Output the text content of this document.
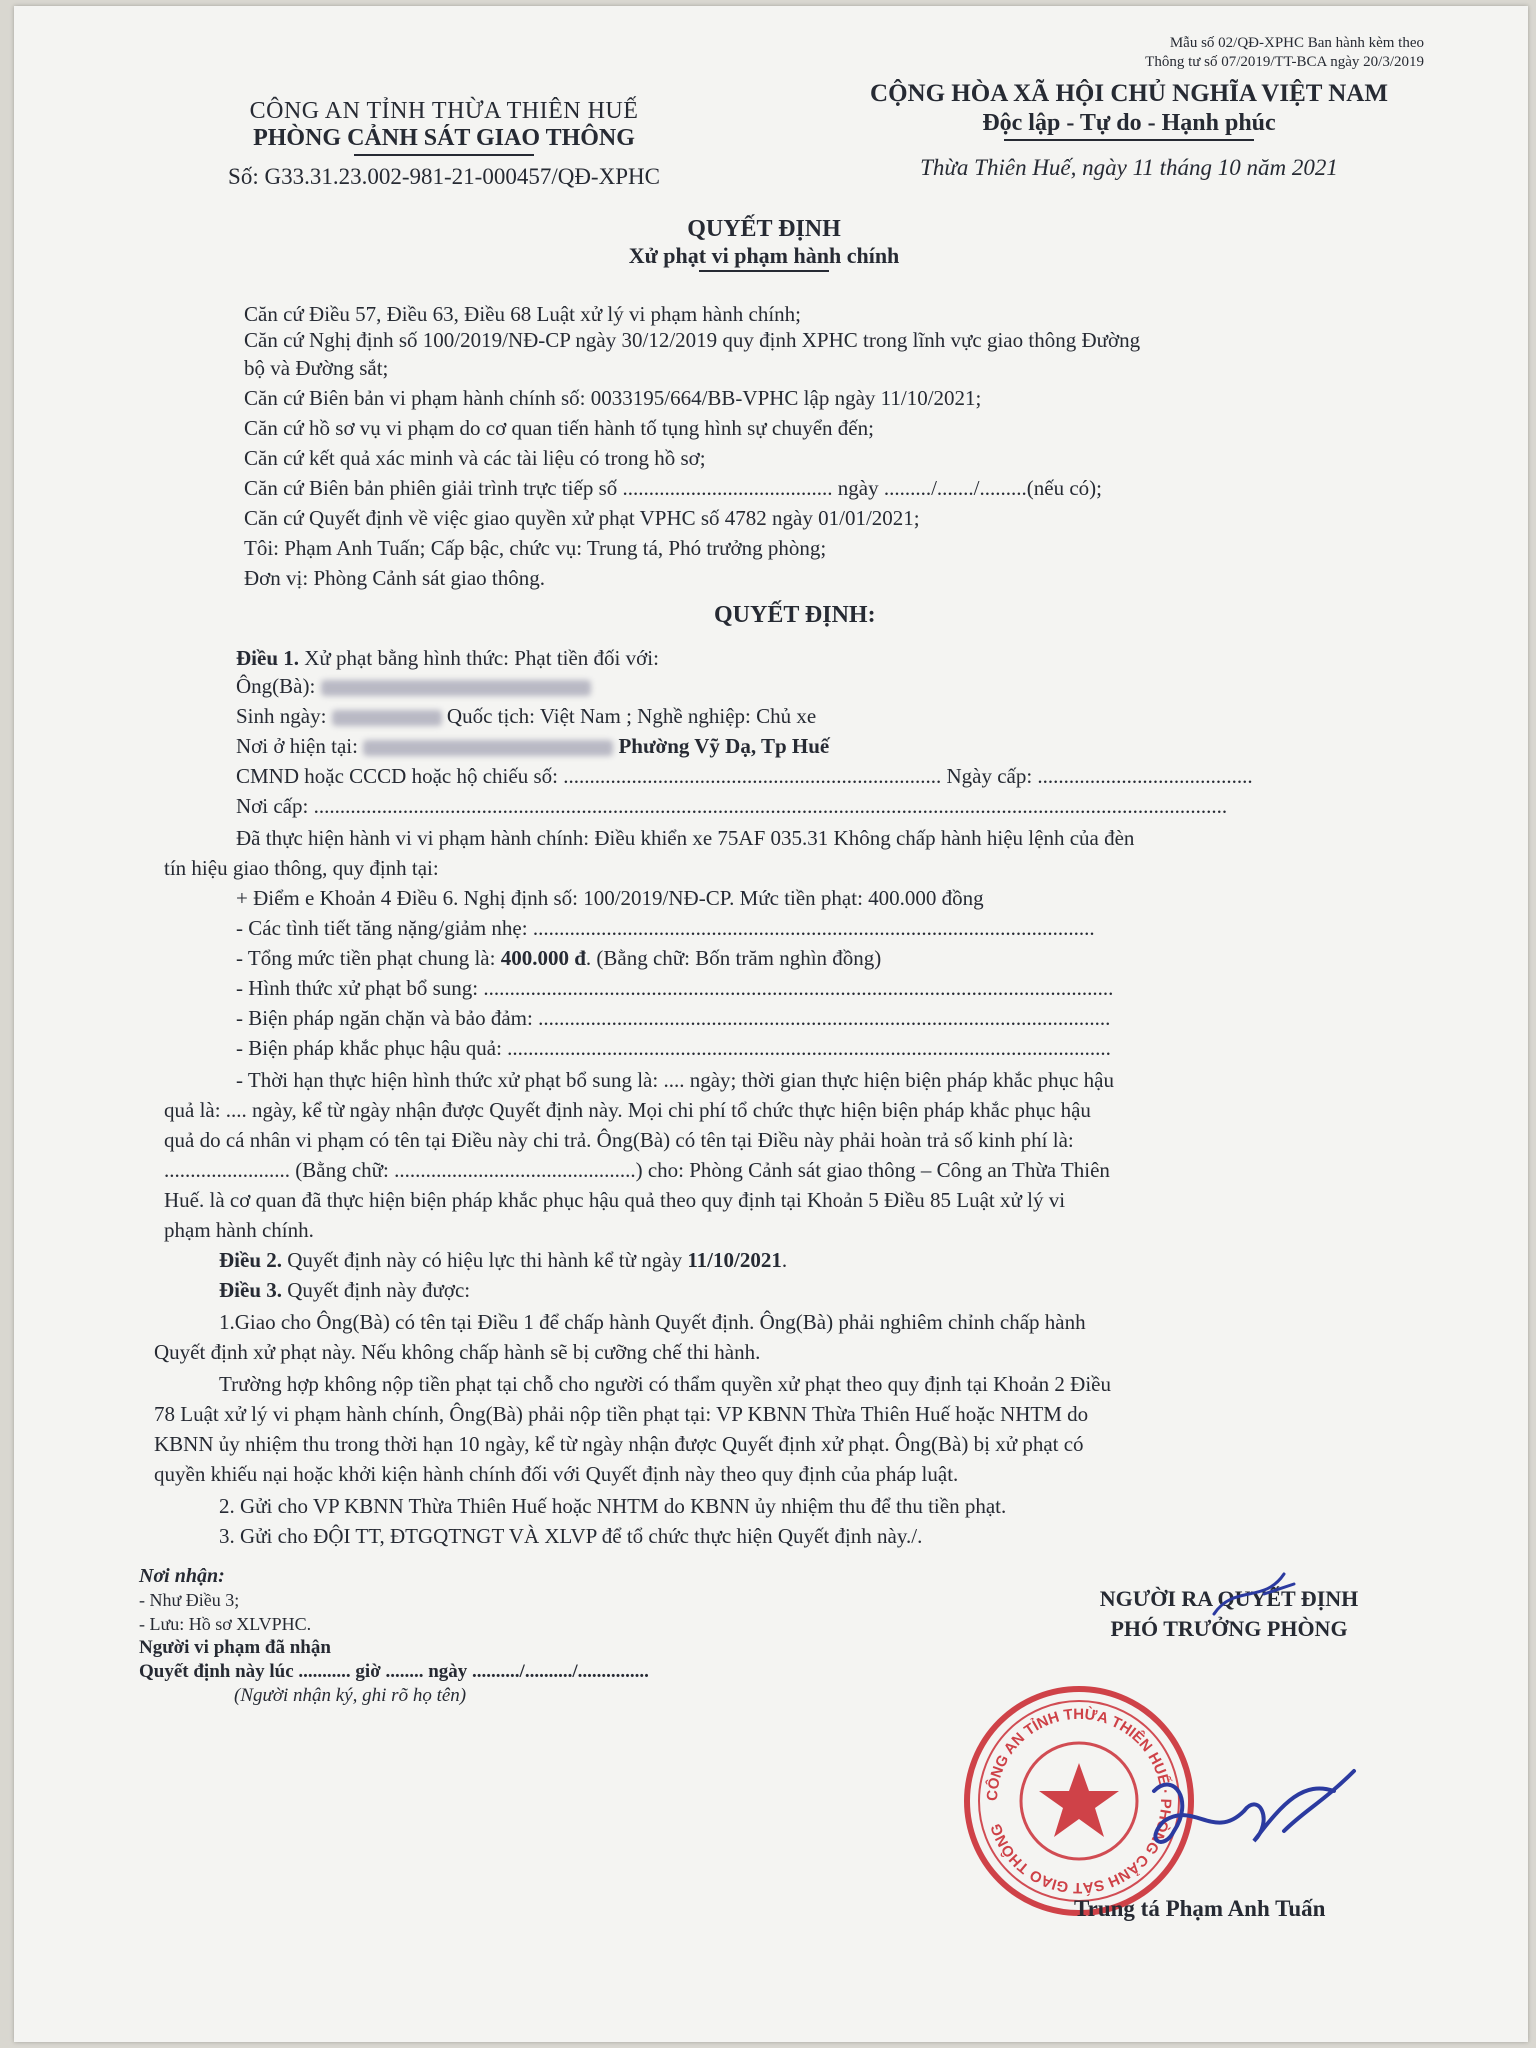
Mẫu số 02/QĐ-XPHC Ban hành kèm theo
Thông tư số 07/2019/TT-BCA ngày 20/3/2019
CÔNG AN TỈNH THỪA THIÊN HUẾ
PHÒNG CẢNH SÁT GIAO THÔNG
Số: G33.31.23.002-981-21-000457/QĐ-XPHC
CỘNG HÒA XÃ HỘI CHỦ NGHĨA VIỆT NAM
Độc lập - Tự do - Hạnh phúc
Thừa Thiên Huế, ngày 11 tháng 10 năm 2021
QUYẾT ĐỊNH
Xử phạt vi phạm hành chính
Căn cứ Điều 57, Điều 63, Điều 68 Luật xử lý vi phạm hành chính;
Căn cứ Nghị định số 100/2019/NĐ-CP ngày 30/12/2019 quy định XPHC trong lĩnh vực giao thông Đường
bộ và Đường sắt;
Căn cứ Biên bản vi phạm hành chính số: 0033195/664/BB-VPHC lập ngày 11/10/2021;
Căn cứ hồ sơ vụ vi phạm do cơ quan tiến hành tố tụng hình sự chuyển đến;
Căn cứ kết quả xác minh và các tài liệu có trong hồ sơ;
Căn cứ Biên bản phiên giải trình trực tiếp số ........................................ ngày ........./......./.........(nếu có);
Căn cứ Quyết định về việc giao quyền xử phạt VPHC số 4782 ngày 01/01/2021;
Tôi: Phạm Anh Tuấn; Cấp bậc, chức vụ: Trung tá, Phó trưởng phòng;
Đơn vị: Phòng Cảnh sát giao thông.
QUYẾT ĐỊNH:
Điều 1. Xử phạt bằng hình thức: Phạt tiền đối với:
Ông(Bà):
Sinh ngày:	Quốc tịch: Việt Nam ; Nghề nghiệp: Chủ xe
Nơi ở hiện tại:	Phường Vỹ Dạ, Tp Huế
CMND hoặc CCCD hoặc hộ chiếu số: ........................................................................ Ngày cấp: .........................................
Nơi cấp: ..............................................................................................................................................................................
Đã thực hiện hành vi vi phạm hành chính: Điều khiển xe 75AF 035.31 Không chấp hành hiệu lệnh của đèn
tín hiệu giao thông, quy định tại:
+ Điểm e Khoản 4 Điều 6. Nghị định số: 100/2019/NĐ-CP. Mức tiền phạt: 400.000 đồng
- Các tình tiết tăng nặng/giảm nhẹ: ...........................................................................................................
- Tổng mức tiền phạt chung là: 400.000 đ. (Bằng chữ: Bốn trăm nghìn đồng)
- Hình thức xử phạt bổ sung: ........................................................................................................................
- Biện pháp ngăn chặn và bảo đảm: .............................................................................................................
- Biện pháp khắc phục hậu quả: ...................................................................................................................
- Thời hạn thực hiện hình thức xử phạt bổ sung là: .... ngày; thời gian thực hiện biện pháp khắc phục hậu
quả là: .... ngày, kể từ ngày nhận được Quyết định này. Mọi chi phí tổ chức thực hiện biện pháp khắc phục hậu
quả do cá nhân vi phạm có tên tại Điều này chi trả. Ông(Bà) có tên tại Điều này phải hoàn trả số kinh phí là:
........................ (Bằng chữ: ..............................................) cho: Phòng Cảnh sát giao thông – Công an Thừa Thiên
Huế. là cơ quan đã thực hiện biện pháp khắc phục hậu quả theo quy định tại Khoản 5 Điều 85 Luật xử lý vi
phạm hành chính.
Điều 2. Quyết định này có hiệu lực thi hành kể từ ngày 11/10/2021.
Điều 3. Quyết định này được:
1.Giao cho Ông(Bà) có tên tại Điều 1 để chấp hành Quyết định. Ông(Bà) phải nghiêm chỉnh chấp hành
Quyết định xử phạt này. Nếu không chấp hành sẽ bị cưỡng chế thi hành.
Trường hợp không nộp tiền phạt tại chỗ cho người có thẩm quyền xử phạt theo quy định tại Khoản 2 Điều
78 Luật xử lý vi phạm hành chính, Ông(Bà) phải nộp tiền phạt tại: VP KBNN Thừa Thiên Huế hoặc NHTM do
KBNN ủy nhiệm thu trong thời hạn 10 ngày, kể từ ngày nhận được Quyết định xử phạt. Ông(Bà) bị xử phạt có
quyền khiếu nại hoặc khởi kiện hành chính đối với Quyết định này theo quy định của pháp luật.
2. Gửi cho VP KBNN Thừa Thiên Huế hoặc NHTM do KBNN ủy nhiệm thu để thu tiền phạt.
3. Gửi cho ĐỘI TT, ĐTGQTNGT VÀ XLVP để tổ chức thực hiện Quyết định này./.
Nơi nhận:
- Như Điều 3;
- Lưu: Hồ sơ XLVPHC.
Người vi phạm đã nhận
Quyết định này lúc ........... giờ ........ ngày ........../........../...............
(Người nhận ký, ghi rõ họ tên)
NGƯỜI RA QUYẾT ĐỊNH
PHÓ TRƯỞNG PHÒNG
CÔNG AN TỈNH THỪA THIÊN HUẾ · PHÒNG CẢNH SÁT GIAO THÔNG
Trung tá Phạm Anh Tuấn
